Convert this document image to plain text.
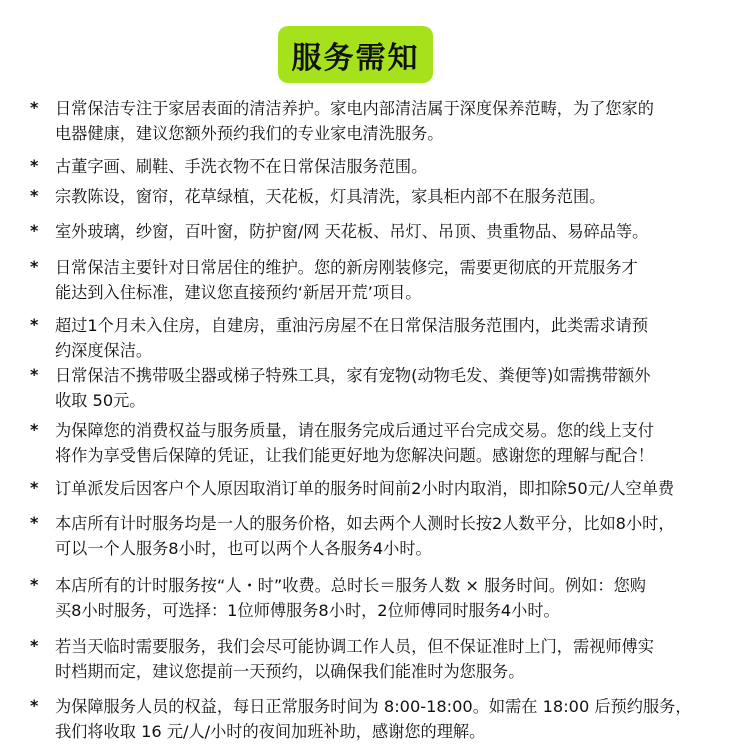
服务需知
* 日常保洁专注于家居表面的清洁养护。家电内部清洁属于深度保养范畴，为了您家的
电器健康，建议您额外预约我们的专业家电清洗服务。
* 古董字画、刷鞋、手洗衣物不在日常保洁服务范围。
* 宗教陈设，窗帘，花草绿植，天花板，灯具清洗，家具柜内部不在服务范围。
* 室外玻璃，纱窗，百叶窗，防护窗/网 天花板、吊灯、吊顶、贵重物品、易碎品等。
* 日常保洁主要针对日常居住的维护。您的新房刚装修完，需要更彻底的开荒服务才
能达到入住标准，建议您直接预约‘新居开荒’项目。
* 超过1个月未入住房，自建房，重油污房屋不在日常保洁服务范围内，此类需求请预
约深度保洁。
* 日常保洁不携带吸尘器或梯子特殊工具，家有宠物(动物毛发、粪便等)如需携带额外
收取 50元。
* 为保障您的消费权益与服务质量，请在服务完成后通过平台完成交易。您的线上支付
将作为享受售后保障的凭证，让我们能更好地为您解决问题。感谢您的理解与配合！
* 订单派发后因客户个人原因取消订单的服务时间前2小时内取消，即扣除50元/人空单费
* 本店所有计时服务均是一人的服务价格，如去两个人测时长按2人数平分，比如8小时，
可以一个人服务8小时，也可以两个人各服务4小时。
* 本店所有的计时服务按“人・时”收费。总时长＝服务人数 × 服务时间。例如：您购
买8小时服务，可选择：1位师傅服务8小时，2位师傅同时服务4小时。
* 若当天临时需要服务，我们会尽可能协调工作人员，但不保证准时上门，需视师傅实
时档期而定，建议您提前一天预约，以确保我们能准时为您服务。
* 为保障服务人员的权益，每日正常服务时间为 8:00-18:00。如需在 18:00 后预约服务，
我们将收取 16 元/人/小时的夜间加班补助，感谢您的理解。
